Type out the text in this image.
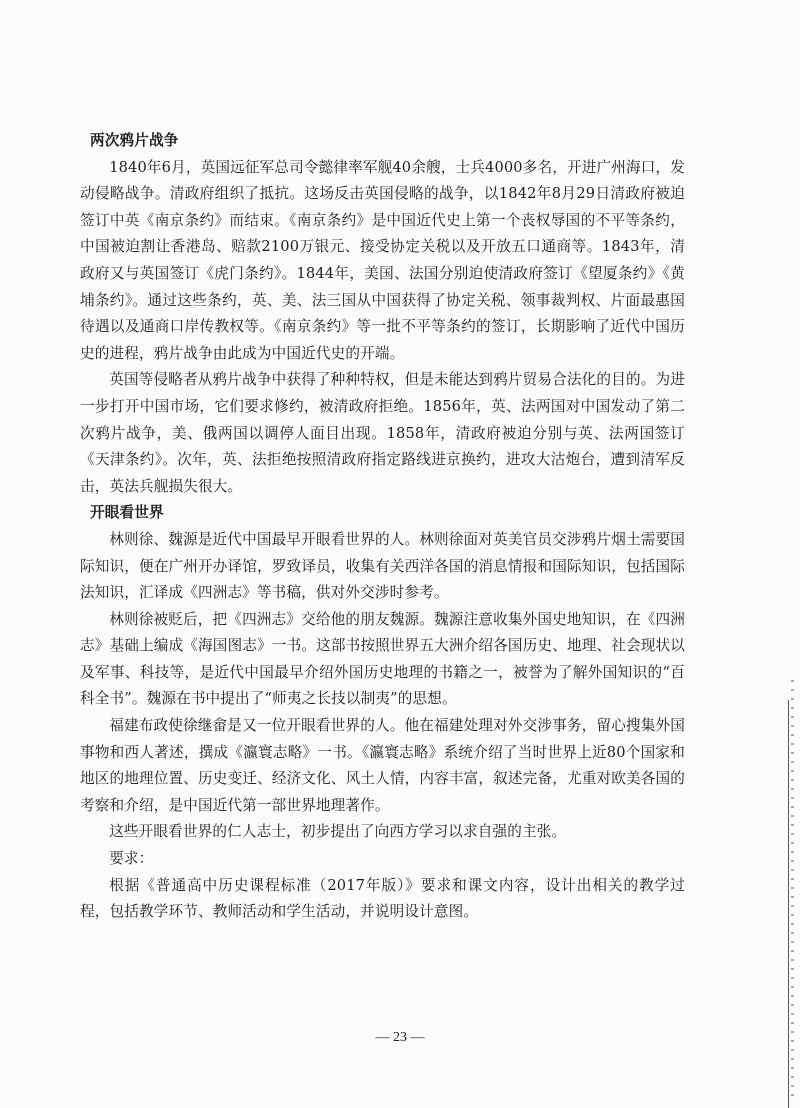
两次鸦片战争

1840年6月，英国远征军总司令懿律率军舰40余艘，士兵4000多名，开进广州海口，发动侵略战争。清政府组织了抵抗。这场反击英国侵略的战争，以1842年8月29日清政府被迫签订中英《南京条约》而结束。《南京条约》是中国近代史上第一个丧权辱国的不平等条约，中国被迫割让香港岛、赔款2100万银元、接受协定关税以及开放五口通商等。1843年，清政府又与英国签订《虎门条约》。1844年，美国、法国分别迫使清政府签订《望厦条约》《黄埔条约》。通过这些条约，英、美、法三国从中国获得了协定关税、领事裁判权、片面最惠国待遇以及通商口岸传教权等。《南京条约》等一批不平等条约的签订，长期影响了近代中国历史的进程，鸦片战争由此成为中国近代史的开端。

英国等侵略者从鸦片战争中获得了种种特权，但是未能达到鸦片贸易合法化的目的。为进一步打开中国市场，它们要求修约，被清政府拒绝。1856年，英、法两国对中国发动了第二次鸦片战争，美、俄两国以调停人面目出现。1858年，清政府被迫分别与英、法两国签订《天津条约》。次年，英、法拒绝按照清政府指定路线进京换约，进攻大沽炮台，遭到清军反击，英法兵舰损失很大。

开眼看世界

林则徐、魏源是近代中国最早开眼看世界的人。林则徐面对英美官员交涉鸦片烟土需要国际知识，便在广州开办译馆，罗致译员，收集有关西洋各国的消息情报和国际知识，包括国际法知识，汇译成《四洲志》等书稿，供对外交涉时参考。

林则徐被贬后，把《四洲志》交给他的朋友魏源。魏源注意收集外国史地知识，在《四洲志》基础上编成《海国图志》一书。这部书按照世界五大洲介绍各国历史、地理、社会现状以及军事、科技等，是近代中国最早介绍外国历史地理的书籍之一，被誉为了解外国知识的“百科全书”。魏源在书中提出了“师夷之长技以制夷”的思想。

福建布政使徐继畲是又一位开眼看世界的人。他在福建处理对外交涉事务，留心搜集外国事物和西人著述，撰成《瀛寰志略》一书。《瀛寰志略》系统介绍了当时世界上近80个国家和地区的地理位置、历史变迁、经济文化、风土人情，内容丰富，叙述完备，尤重对欧美各国的考察和介绍，是中国近代第一部世界地理著作。

这些开眼看世界的仁人志士，初步提出了向西方学习以求自强的主张。

要求：

根据《普通高中历史课程标准（2017年版）》要求和课文内容，设计出相关的教学过程，包括教学环节、教师活动和学生活动，并说明设计意图。

— 23 —
